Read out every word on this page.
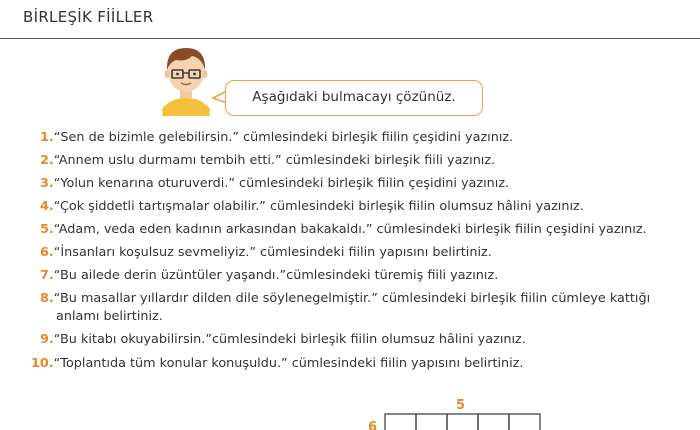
BİRLEŞİK FİİLLER
Aşağıdaki bulmacayı çözünüz.
1.“Sen de bizimle gelebilirsin.” cümlesindeki birleşik fiilin çeşidini yazınız.
2.“Annem uslu durmamı tembih etti.” cümlesindeki birleşik fiili yazınız.
3.“Yolun kenarına oturuverdi.” cümlesindeki birleşik fiilin çeşidini yazınız.
4.“Çok şiddetli tartışmalar olabilir.” cümlesindeki birleşik fiilin olumsuz hâlini yazınız.
5.“Adam, veda eden kadının arkasından bakakaldı.” cümlesindeki birleşik fiilin çeşidini yazınız.
6.“İnsanları koşulsuz sevmeliyiz.” cümlesindeki fiilin yapısını belirtiniz.
7.“Bu ailede derin üzüntüler yaşandı.”cümlesindeki türemiş fiili yazınız.
8.“Bu masallar yıllardır dilden dile söylenegelmiştir.” cümlesindeki birleşik fiilin cümleye kattığı
anlamı belirtiniz.
9.“Bu kitabı okuyabilirsin.”cümlesindeki birleşik fiilin olumsuz hâlini yazınız.
10.“Toplantıda tüm konular konuşuldu.” cümlesindeki fiilin yapısını belirtiniz.
5
6
